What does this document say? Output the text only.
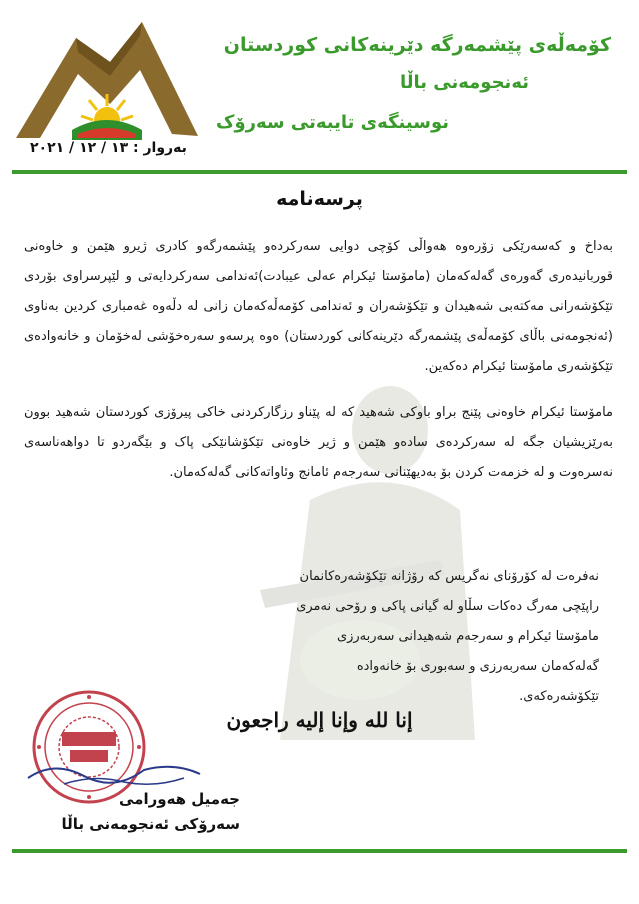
کۆمەڵەی پێشمەرگە دێرینەکانی کوردستان
ئەنجومەنی باڵا
نوسینگەی تایبەتی سەرۆک
بەروار : ١٣ / ١٢ / ٢٠٢١
پرسەنامە
بەداخ و کەسەرێکی زۆرەوە هەواڵی کۆچی دوایی سەرکردەو پێشمەرگەو کادری ژیرو هێمن و خاوەنی قوربانیدەری گەورەی گەلەکەمان (مامۆستا ئیکرام عەلی عیبادت)ئەندامی سەرکردایەتی و لێپرسراوی بۆردی تێکۆشەرانی مەکتەبی شەهیدان و تێکۆشەران و ئەندامی کۆمەڵەکەمان زانی لە دڵەوە غەمباری کردین بەناوی (ئەنجومەنی باڵای کۆمەڵەی پێشمەرگە دێرینەکانی کوردستان) ەوە پرسەو سەرەخۆشی لەخۆمان و خانەوادەی تێکۆشەری مامۆستا ئیکرام دەکەین.
مامۆستا ئیکرام خاوەنی پێنج براو باوکی شەهید کە لە پێناو رزگارکردنی خاکی پیرۆزی کوردستان شەهید بوون بەرێزیشیان جگە لە سەرکردەی سادەو هێمن و ژیر خاوەنی تێکۆشانێکی پاک و بێگەردو تا دواهەناسەی نەسرەوت و لە خزمەت کردن بۆ بەدیهێنانی سەرجەم ئامانج وئاواتەکانی گەلەکەمان.
نەفرەت لە کۆرۆنای نەگریس کە رۆژانە تێکۆشەرەکانمان راپێچی مەرگ دەکات سڵاو لە گیانی پاکی و رۆحی نەمری مامۆستا ئیکرام و سەرجەم شەهیدانی سەربەرزی گەلەکەمان سەربەرزی و سەبوری بۆ خانەوادە تێکۆشەرەکەی.
إنا لله وإنا إليه راجعون
جەمیل هەورامی
سەرۆکی ئەنجومەنی باڵا
